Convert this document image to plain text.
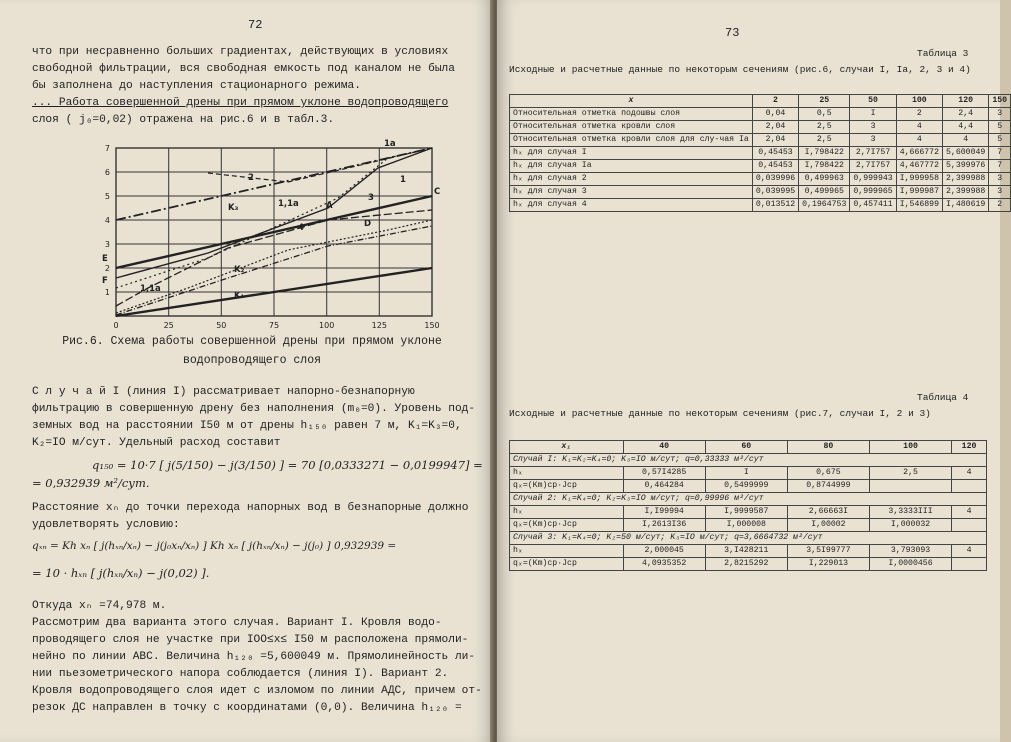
72

что при несравненно больших градиентах, действующих в условиях

свободной фильтрации, вся свободная емкость под каналом не была

бы заполнена до наступления стационарного режима.

... Работа совершенной дрены при прямом уклоне водопроводящего

слоя ( j₀=0,02) отражена на рис.6 и в табл.3.

0	25	50	75	100	125	150
1
2
3
4
5
6
7
E
F
1a
1
2
3
4
A
C
D
K₃	1,1a
K₂
K₁
1,1a
Рис.6. Схема работы совершенной дрены при прямом уклоне
водопроводящего слоя

С л у ч а й I (линия I) рассматривает напорно-безнапорную

фильтрацию в совершенную дрену без наполнения (m₀=0). Уровень под-

земных вод на расстоянии I50 м от дрены h₁₅₀ равен 7 м, K₁=K₃=0,

K₂=IO м/сут. Удельный расход составит

q₁₅₀ = 10·7 [ j(5/150) − j(3/150) ] = 70 [0,0333271 − 0,0199947] =
= 0,932939 м²/сут.

Расстояние xₙ до точки перехода напорных вод в безнапорные должно

удовлетворять условию:

qₓₙ = Kh xₙ [ j(hₓₙ/xₙ) − j(j₀xₙ/xₙ) ] Kh xₙ [ j(hₓₙ/xₙ) − j(j₀) ] 0,932939 =
= 10 · hₓₙ [ j(hₓₙ/xₙ) − j(0,02) ].

Откуда xₙ =74,978 м.

Рассмотрим два варианта этого случая. Вариант I. Кровля водо-

проводящего слоя не участке при IOO≤x≤ I50 м расположена прямоли-

нейно по линии ABC. Величина h₁₂₀ =5,600049 м. Прямолинейность ли-

нии пьезометрического напора соблюдается (линия I). Вариант 2.

Кровля водопроводящего слоя идет с изломом по линии АДС, причем от-

резок ДС направлен в точку с координатами (0,0). Величина h₁₂₀ =

73
Таблица 3
Исходные и расчетные данные по некоторым сечениям (рис.6, случаи I, Ia, 2, 3 и 4)
x	2	25	50	100	120	150
Относительная отметка подошвы слоя	0,04	0,5	I	2	2,4	3
Относительная отметка кровли слоя	2,04	2,5	3	4	4,4	5
Относительная отметка кровли слоя для слу-чая Ia	2,04	2,5	3	4	4	5
hₓ для случая I	0,45453	I,798422	2,7I757	4,666772	5,600049	7
hₓ для случая Ia	0,45453	I,798422	2,7I757	4,467772	5,399976	7
hₓ для случая 2	0,039996	0,499963	0,999943	I,999958	2,399988	3
hₓ для случая 3	0,039995	0,499965	0,999965	I,999987	2,399988	3
hₓ для случая 4	0,013512	0,1964753	0,457411	I,546899	I,480619	2
Таблица 4
Исходные и расчетные данные по некоторым сечениям (рис.7, случаи I, 2 и 3)
x₁	40	60	80	100	120
Случай I: K₁=K₂=K₄=0; K₃=IO м/сут; q=0,33333 м²/сут					
hₓ	0,57I4285	I	0,675	2,5	4
qₓ=(Km)ср·Jср	0,464284	0,5499999	0,8744999		
Случай 2: K₁=K₄=0; K₂=K₃=IO м/сут; q=0,99996 м²/сут					
hₓ	I,I99994	I,9999587	2,66663I	3,3333III	4
qₓ=(Km)ср·Jср	I,2613I36	I,000008	I,00002	I,000032	
Случай 3: K₁=K₄=0; K₂=50 м/сут; K₃=IO м/сут; q=3,6664732 м²/сут					
hₓ	2,000045	3,I428211	3,5I99777	3,793093	4
qₓ=(Km)ср·Jср	4,0935352	2,8215292	I,229013	I,0000456	
